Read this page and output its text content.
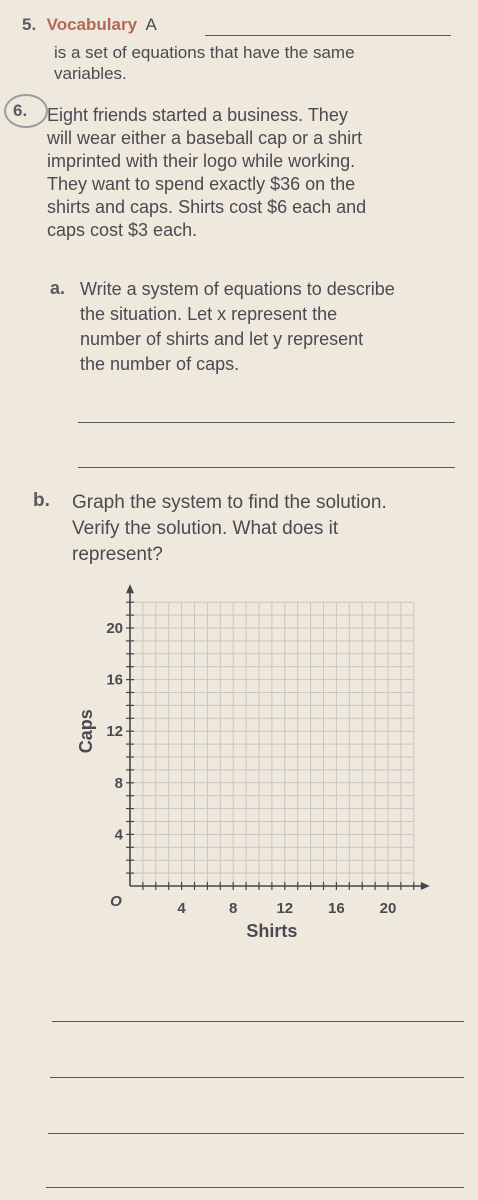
5. Vocabulary A
is a set of equations that have the same
variables.
6. Eight friends started a business. They
will wear either a baseball cap or a shirt
imprinted with their logo while working.
They want to spend exactly $36 on the
shirts and caps. Shirts cost $6 each and
caps cost $3 each.
a. Write a system of equations to describe
the situation. Let x represent the
number of shirts and let y represent
the number of caps.
b. Graph the system to find the solution.
Verify the solution. What does it
represent?
4	8	12 16 20
4
8
12
16
20
O
Shirts
Caps
